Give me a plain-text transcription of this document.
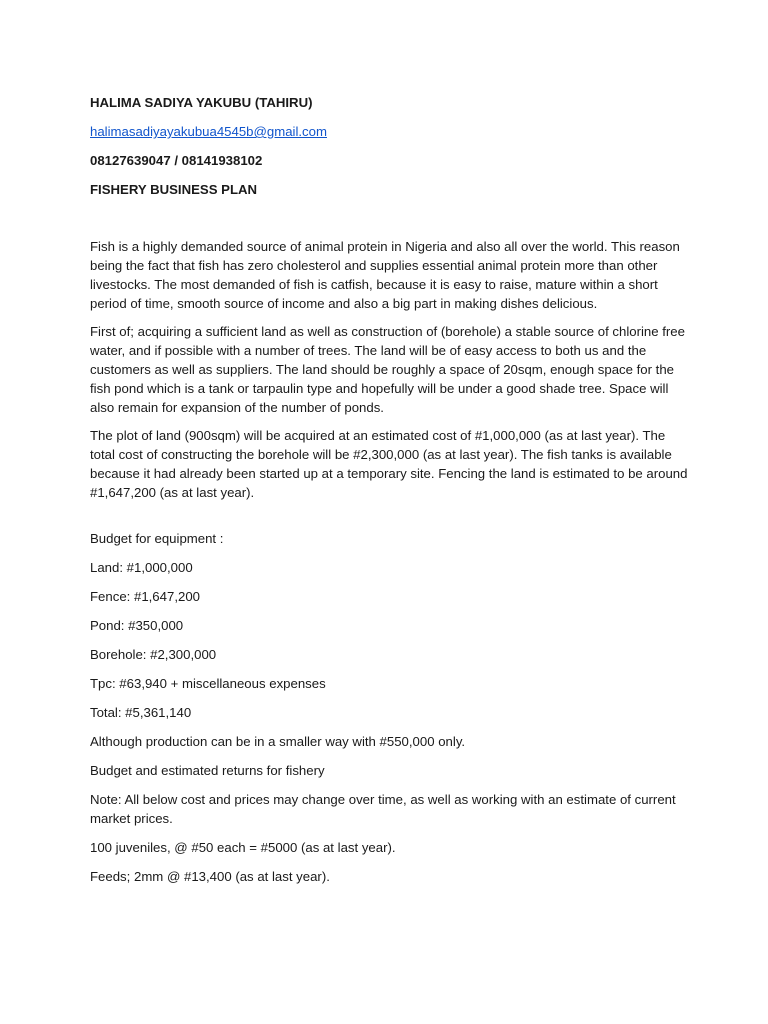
HALIMA SADIYA YAKUBU (TAHIRU)
halimasadiyayakubua4545b@gmail.com
08127639047 / 08141938102
FISHERY BUSINESS PLAN

Fish is a highly demanded source of animal protein in Nigeria and also all over the world. This reason being the fact that fish has zero cholesterol and supplies essential animal protein more than other livestocks. The most demanded of fish is catfish, because it is easy to raise, mature within a short period of time, smooth source of income and also a big part in making dishes delicious.

First of; acquiring a sufficient land as well as construction of (borehole) a stable source of chlorine free water, and if possible with a number of trees. The land will be of easy access to both us and the customers as well as suppliers. The land should be roughly a space of 20sqm, enough space for the fish pond which is a tank or tarpaulin type and hopefully will be under a good shade tree. Space will also remain for expansion of the number of ponds.

The plot of land (900sqm) will be acquired at an estimated cost of #1,000,000 (as at last year). The total cost of constructing the borehole will be #2,300,000 (as at last year). The fish tanks is available because it had already been started up at a temporary site. Fencing the land is estimated to be around #1,647,200 (as at last year).

Budget for equipment :
Land: #1,000,000
Fence: #1,647,200
Pond: #350,000
Borehole: #2,300,000
Tpc: #63,940 + miscellaneous expenses
Total: #5,361,140
Although production can be in a smaller way with #550,000 only.
Budget and estimated returns for fishery
Note: All below cost and prices may change over time, as well as working with an estimate of current market prices.
100 juveniles, @ #50 each = #5000 (as at last year).
Feeds; 2mm @ #13,400 (as at last year).
